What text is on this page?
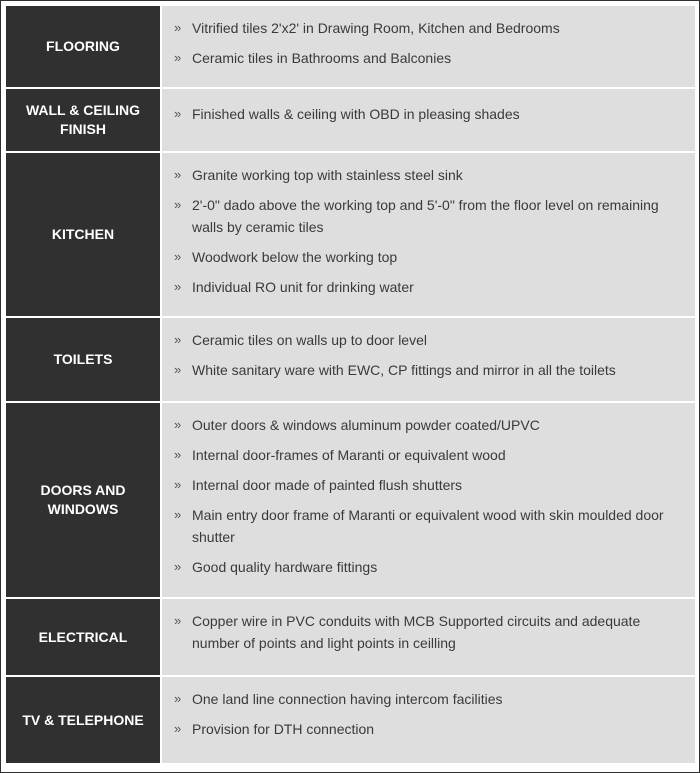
FLOORING
» Vitrified tiles 2'x2' in Drawing Room, Kitchen and Bedrooms
» Ceramic tiles in Bathrooms and Balconies
WALL & CEILING
FINISH
» Finished walls & ceiling with OBD in pleasing shades
KITCHEN
» Granite working top with stainless steel sink
» 2'-0" dado above the working top and 5'-0" from the floor level on remaining walls by ceramic tiles
» Woodwork below the working top
» Individual RO unit for drinking water
TOILETS
» Ceramic tiles on walls up to door level
» White sanitary ware with EWC, CP fittings and mirror in all the toilets
DOORS AND
WINDOWS
» Outer doors & windows aluminum powder coated/UPVC
» Internal door-frames of Maranti or equivalent wood
» Internal door made of painted flush shutters
» Main entry door frame of Maranti or equivalent wood with skin moulded door shutter
» Good quality hardware fittings
ELECTRICAL
» Copper wire in PVC conduits with MCB Supported circuits and adequate number of points and light points in ceilling
TV & TELEPHONE
» One land line connection having intercom facilities
» Provision for DTH connection
